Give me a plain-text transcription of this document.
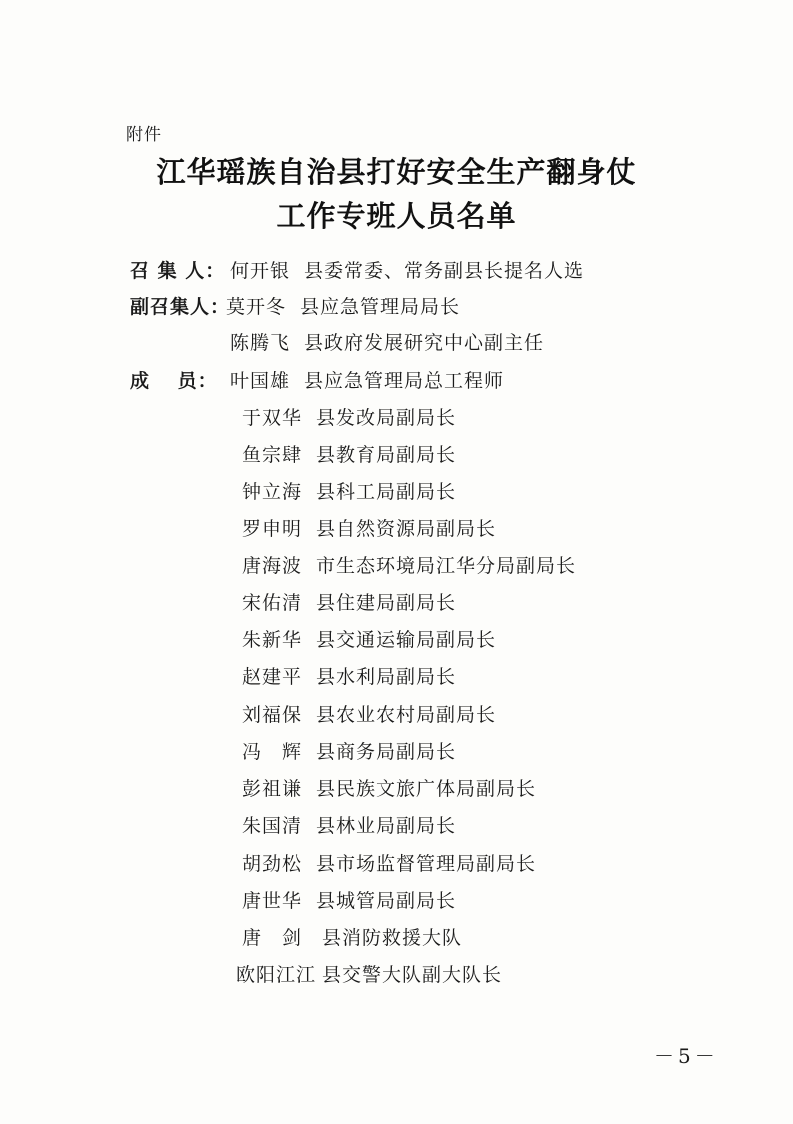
附件
江华瑶族自治县打好安全生产翻身仗
工作专班人员名单
召 集 人： 何开银 县委常委、常务副县长提名人选
副召集人：
莫开冬 县应急管理局局长
陈腾飞 县政府发展研究中心副主任
成　 员： 叶国雄 县应急管理局总工程师
于双华 县发改局副局长
鱼宗肆 县教育局副局长
钟立海 县科工局副局长
罗申明 县自然资源局副局长
唐海波 市生态环境局江华分局副局长
宋佑清 县住建局副局长
朱新华 县交通运输局副局长
赵建平 县水利局副局长
刘福保 县农业农村局副局长
冯　辉 县商务局副局长
彭祖谦 县民族文旅广体局副局长
朱国清 县林业局副局长
胡劲松 县市场监督管理局副局长
唐世华 县城管局副局长
唐　剑 县消防救援大队
欧阳江江 县交警大队副大队长
－5－
